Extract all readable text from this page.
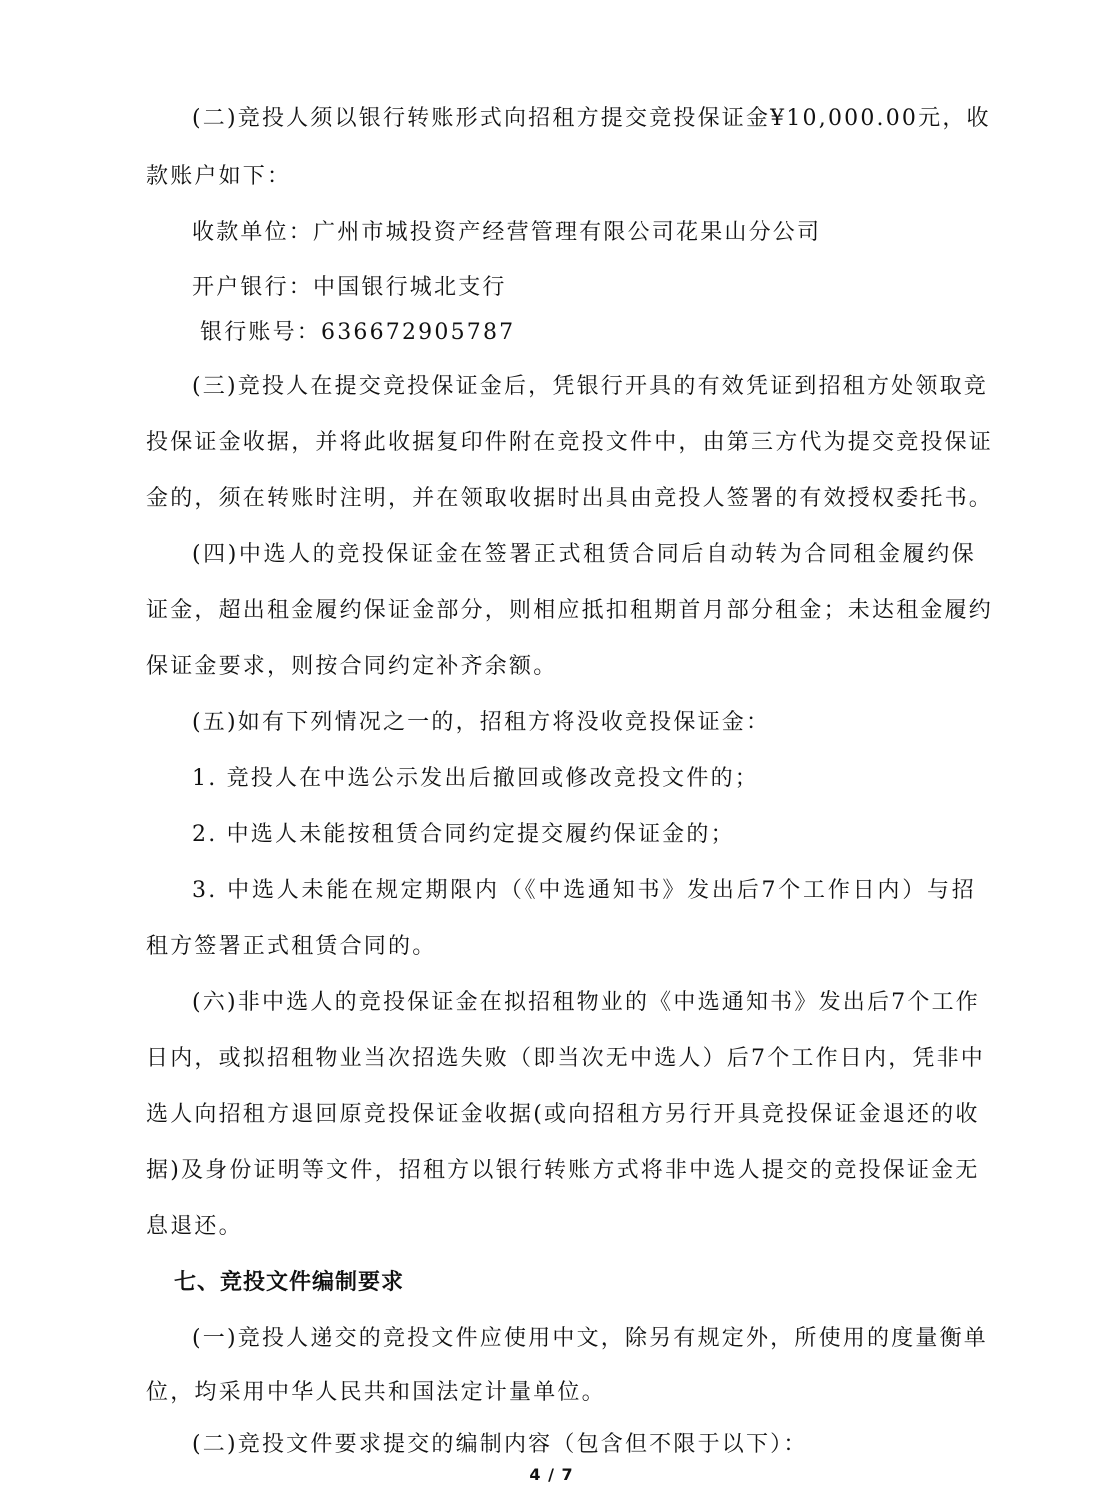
(二)竞投人须以银行转账形式向招租方提交竞投保证金¥10,000.00元，收
款账户如下：
收款单位：广州市城投资产经营管理有限公司花果山分公司
开户银行：中国银行城北支行
银行账号：636672905787
(三)竞投人在提交竞投保证金后，凭银行开具的有效凭证到招租方处领取竞
投保证金收据，并将此收据复印件附在竞投文件中，由第三方代为提交竞投保证
金的，须在转账时注明，并在领取收据时出具由竞投人签署的有效授权委托书。
(四)中选人的竞投保证金在签署正式租赁合同后自动转为合同租金履约保
证金，超出租金履约保证金部分，则相应抵扣租期首月部分租金；未达租金履约
保证金要求，则按合同约定补齐余额。
(五)如有下列情况之一的，招租方将没收竞投保证金：
1. 竞投人在中选公示发出后撤回或修改竞投文件的；
2. 中选人未能按租赁合同约定提交履约保证金的；
3. 中选人未能在规定期限内（《中选通知书》发出后7个工作日内）与招
租方签署正式租赁合同的。
(六)非中选人的竞投保证金在拟招租物业的《中选通知书》发出后7个工作
日内，或拟招租物业当次招选失败（即当次无中选人）后7个工作日内，凭非中
选人向招租方退回原竞投保证金收据(或向招租方另行开具竞投保证金退还的收
据)及身份证明等文件，招租方以银行转账方式将非中选人提交的竞投保证金无
息退还。
七、竞投文件编制要求
(一)竞投人递交的竞投文件应使用中文，除另有规定外，所使用的度量衡单
位，均采用中华人民共和国法定计量单位。
(二)竞投文件要求提交的编制内容（包含但不限于以下）：
4 / 7
